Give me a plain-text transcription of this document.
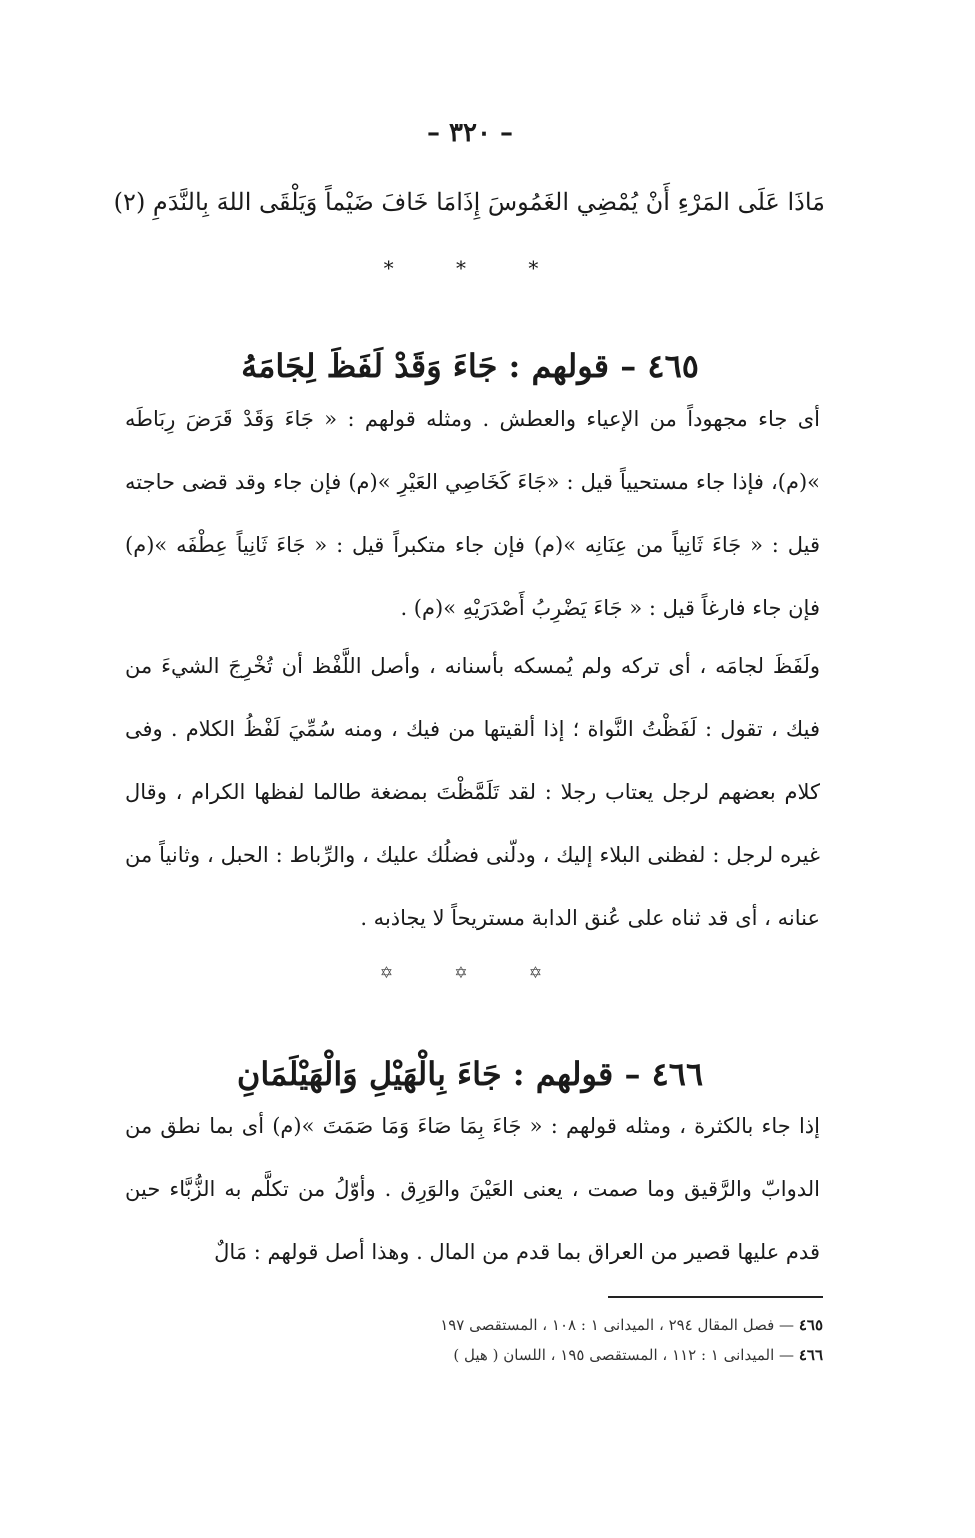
– ٣٢٠ –
مَاذَا عَلَى المَرْءِ أَنْ يُمْضِي الغَمُوسَ إِذَا
مَا خَافَ ضَيْماً وَيَلْقَى اللهَ بِالنَّدَمِ (٢)
* * *
٤٦٥ – قولهم : جَاءَ وَقَدْ لَفَظَ لِجَامَهُ

أى جاء مجهوداً من الإعياء والعطش . ومثله قولهم : « جَاءَ وَقَدْ قَرَضَ رِبَاطَه »(م)، فإذا جاء مستحيياً قيل : «جَاءَ كَخَاصِي العَيْرِ »(م) فإن جاء وقد قضى حاجته قيل : « جَاءَ ثَانِياً من عِنَانِه »(م) فإن جاء متكبراً قيل : « جَاءَ ثَانِياً عِطْفَه »(م) فإن جاء فارغاً قيل : « جَاءَ يَضْرِبُ أَصْدَرَيْهِ »(م) .

ولَفَظَ لجامَه ، أى تركه ولم يُمسكه بأسنانه ، وأصل اللَّفْظ أن تُخْرِجَ الشيءَ من فيك ، تقول : لَفَظْتُ النَّواة ؛ إذا ألقيتها من فيك ، ومنه سُمِّيَ لَفْظُ الكلام . وفى كلام بعضهم لرجل يعتاب رجلا : لقد تَلَمَّظْتَ بمضغة طالما لفظها الكرام ، وقال غيره لرجل : لفظنى البلاء إليك ، ودلّنى فضلُك عليك ، والرِّباط : الحبل ، وثانياً من عنانه ، أى قد ثناه على عُنق الدابة مستريحاً لا يجاذبه .

✡ ✡ ✡
٤٦٦ – قولهم : جَاءَ بِالْهَيْلِ وَالْهَيْلَمَانِ

إذا جاء بالكثرة ، ومثله قولهم : « جَاءَ بِمَا صَاءَ وَمَا صَمَتَ »(م) أى بما نطق من الدوابّ والرَّقيق وما صمت ، يعنى العَيْنَ والوَرِق . وأوّلُ من تكلَّم به الزُّبَّاء حين قدم عليها قصير من العراق بما قدم من المال . وهذا أصل قولهم : مَالٌ

٤٦٥ — فصل المقال ٢٩٤ ، الميدانى ١ : ١٠٨ ، المستقصى ١٩٧
٤٦٦ — الميدانى ١ : ١١٢ ، المستقصى ١٩٥ ، اللسان ( هيل )
